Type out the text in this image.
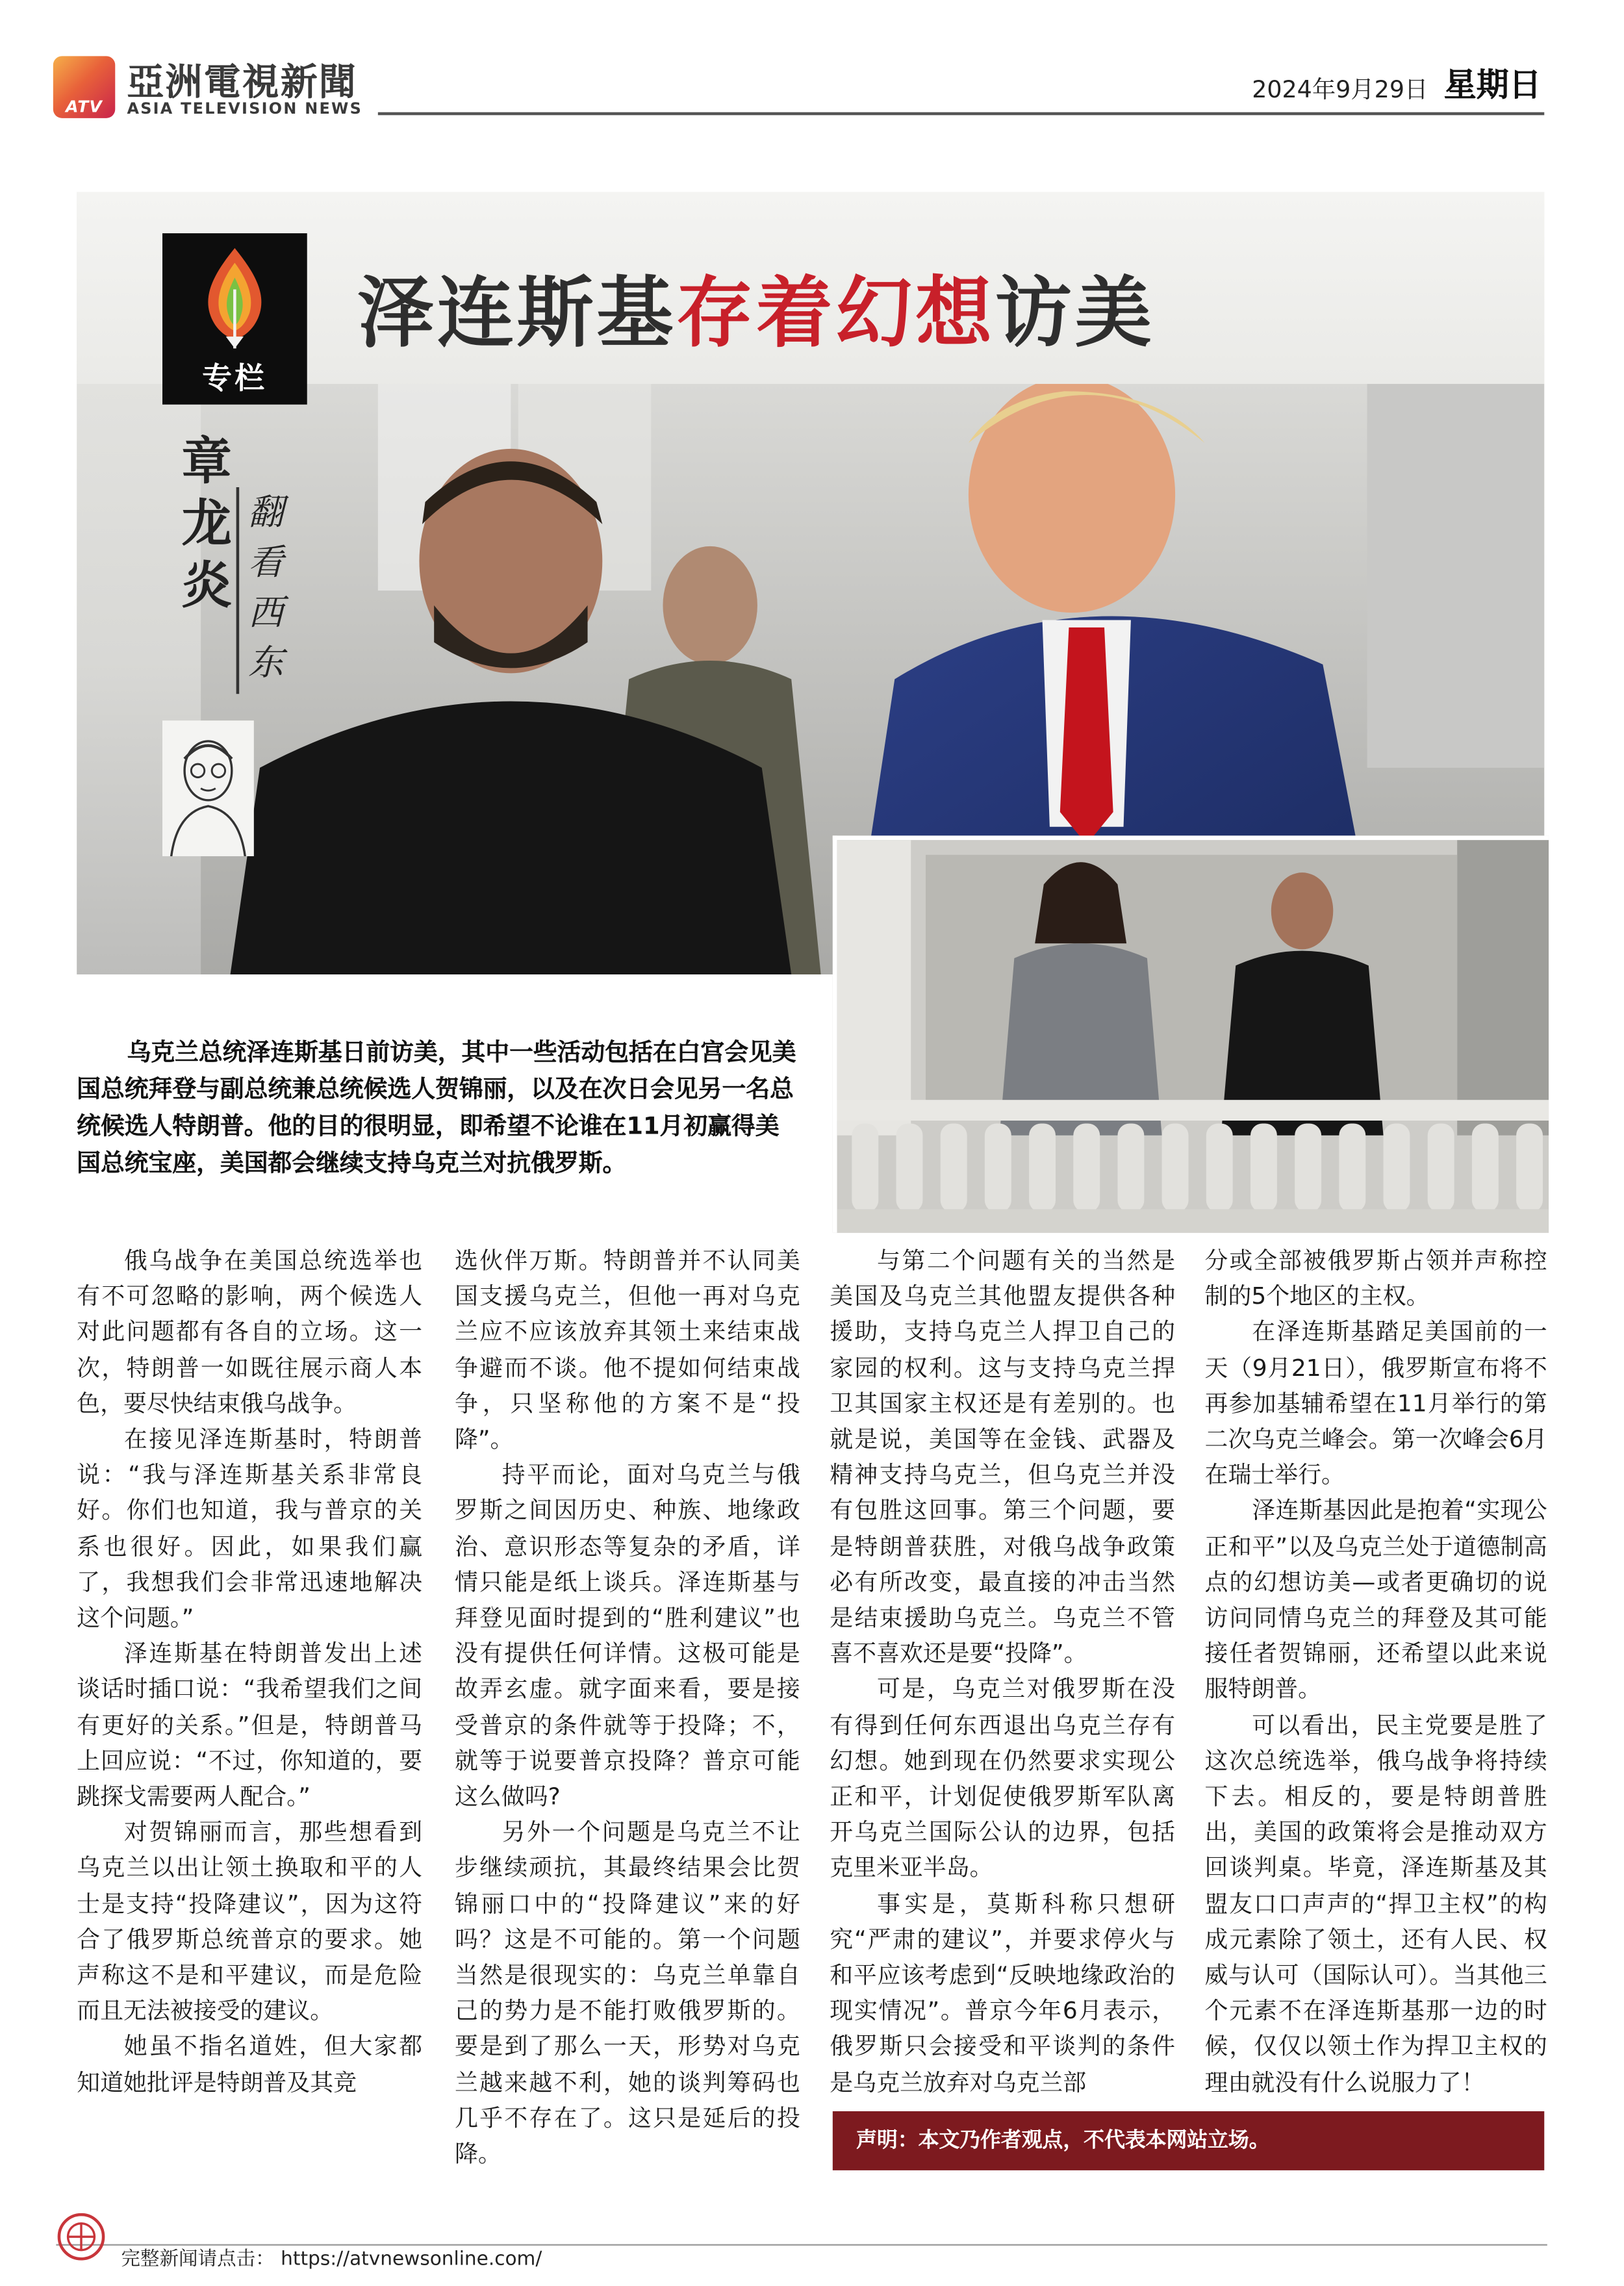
ATV
亞洲電視新聞
ASIA TELEVISION NEWS
2024年9月29日 星期日
泽连斯基存着幻想访美
专栏
章龙炎
翻看西东

乌克兰总统泽连斯基日前访美，其中一些活动包括在白宫会见美国总统拜登与副总统兼总统候选人贺锦丽，以及在次日会见另一名总统候选人特朗普。他的目的很明显，即希望不论谁在11月初赢得美国总统宝座，美国都会继续支持乌克兰对抗俄罗斯。

俄乌战争在美国总统选举也有不可忽略的影响，两个候选人对此问题都有各自的立场。这一次，特朗普一如既往展示商人本色，要尽快结束俄乌战争。

在接见泽连斯基时，特朗普说：“我与泽连斯基关系非常良好。你们也知道，我与普京的关系也很好。因此，如果我们赢了，我想我们会非常迅速地解决这个问题。”

泽连斯基在特朗普发出上述谈话时插口说：“我希望我们之间有更好的关系。”但是，特朗普马上回应说：“不过，你知道的，要跳探戈需要两人配合。”

对贺锦丽而言，那些想看到乌克兰以出让领土换取和平的人士是支持“投降建议”，因为这符合了俄罗斯总统普京的要求。她声称这不是和平建议，而是危险而且无法被接受的建议。

她虽不指名道姓，但大家都知道她批评是特朗普及其竞

选伙伴万斯。特朗普并不认同美国支援乌克兰，但他一再对乌克兰应不应该放弃其领土来结束战争避而不谈。他不提如何结束战争，只坚称他的方案不是“投降”。

持平而论，面对乌克兰与俄罗斯之间因历史、种族、地缘政治、意识形态等复杂的矛盾，详情只能是纸上谈兵。泽连斯基与拜登见面时提到的“胜利建议”也没有提供任何详情。这极可能是故弄玄虚。就字面来看，要是接受普京的条件就等于投降；不，就等于说要普京投降？普京可能这么做吗?

另外一个问题是乌克兰不让步继续顽抗，其最终结果会比贺锦丽口中的“投降建议”来的好吗？这是不可能的。第一个问题当然是很现实的：乌克兰单靠自己的势力是不能打败俄罗斯的。要是到了那么一天，形势对乌克兰越来越不利，她的谈判筹码也几乎不存在了。这只是延后的投降。

与第二个问题有关的当然是美国及乌克兰其他盟友提供各种援助，支持乌克兰人捍卫自己的家园的权利。这与支持乌克兰捍卫其国家主权还是有差别的。也就是说，美国等在金钱、武器及精神支持乌克兰，但乌克兰并没有包胜这回事。第三个问题，要是特朗普获胜，对俄乌战争政策必有所改变，最直接的冲击当然是结束援助乌克兰。乌克兰不管喜不喜欢还是要“投降”。

可是，乌克兰对俄罗斯在没有得到任何东西退出乌克兰存有幻想。她到现在仍然要求实现公正和平，计划促使俄罗斯军队离开乌克兰国际公认的边界，包括克里米亚半岛。

事实是，莫斯科称只想研究“严肃的建议”，并要求停火与和平应该考虑到“反映地缘政治的现实情况”。普京今年6月表示，俄罗斯只会接受和平谈判的条件是乌克兰放弃对乌克兰部

分或全部被俄罗斯占领并声称控制的5个地区的主权。

在泽连斯基踏足美国前的一天（9月21日），俄罗斯宣布将不再参加基辅希望在11月举行的第二次乌克兰峰会。第一次峰会6月在瑞士举行。

泽连斯基因此是抱着“实现公正和平”以及乌克兰处于道德制高点的幻想访美—或者更确切的说访问同情乌克兰的拜登及其可能接任者贺锦丽，还希望以此来说服特朗普。

可以看出，民主党要是胜了这次总统选举，俄乌战争将持续下去。相反的，要是特朗普胜出，美国的政策将会是推动双方回谈判桌。毕竟，泽连斯基及其盟友口口声声的“捍卫主权”的构成元素除了领土，还有人民、权威与认可（国际认可）。当其他三个元素不在泽连斯基那一边的时候，仅仅以领土作为捍卫主权的理由就没有什么说服力了！

声明：本文乃作者观点，不代表本网站立场。
完整新闻请点击： https://atvnewsonline.com/
